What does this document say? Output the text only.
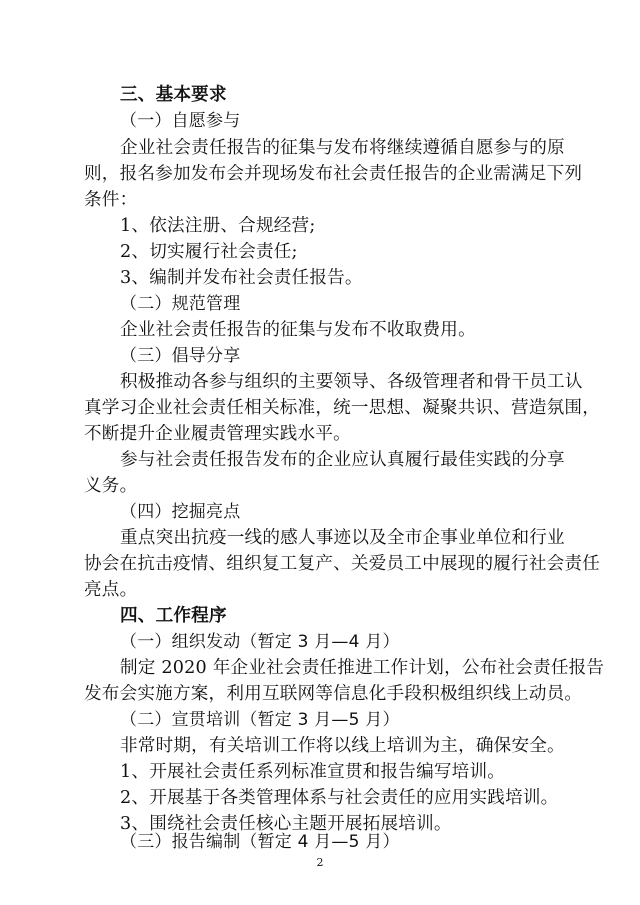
三、基本要求
（一）自愿参与
企业社会责任报告的征集与发布将继续遵循自愿参与的原
则，报名参加发布会并现场发布社会责任报告的企业需满足下列
条件：
1、依法注册、合规经营;
2、切实履行社会责任;
3、编制并发布社会责任报告。
（二）规范管理
企业社会责任报告的征集与发布不收取费用。
（三）倡导分享
积极推动各参与组织的主要领导、各级管理者和骨干员工认
真学习企业社会责任相关标准，统一思想、凝聚共识、营造氛围，
不断提升企业履责管理实践水平。
参与社会责任报告发布的企业应认真履行最佳实践的分享
义务。
（四）挖掘亮点
重点突出抗疫一线的感人事迹以及全市企事业单位和行业
协会在抗击疫情、组织复工复产、关爱员工中展现的履行社会责任
亮点。
四、工作程序
（一）组织发动（暂定 3 月—4 月）
制定 2020 年企业社会责任推进工作计划，公布社会责任报告
发布会实施方案，利用互联网等信息化手段积极组织线上动员。
（二）宣贯培训（暂定 3 月—5 月）
非常时期，有关培训工作将以线上培训为主，确保安全。
1、开展社会责任系列标准宣贯和报告编写培训。
2、开展基于各类管理体系与社会责任的应用实践培训。
3、围绕社会责任核心主题开展拓展培训。
（三）报告编制（暂定 4 月—5 月）
2
